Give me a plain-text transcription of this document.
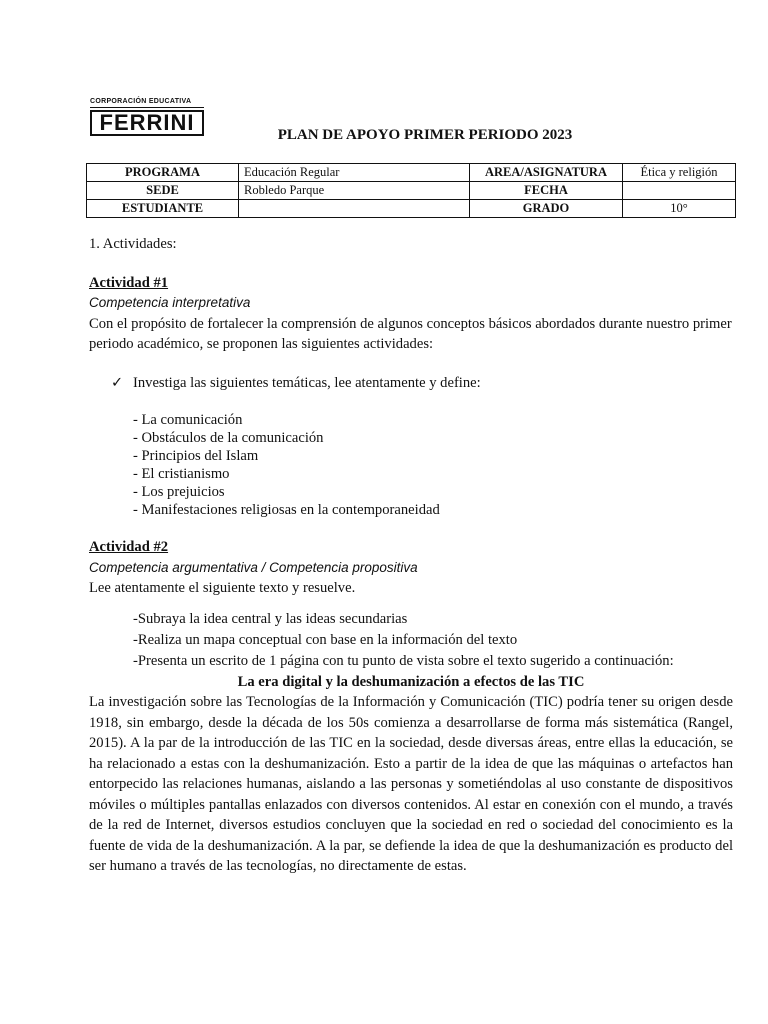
CORPORACIÓN EDUCATIVA
FERRINI	PLAN DE APOYO PRIMER PERIODO 2023
PROGRAMA	Educación Regular	AREA/ASIGNATURA	Ética y religión
SEDE	Robledo Parque	FECHA	
ESTUDIANTE		GRADO	10°

1. Actividades:

Actividad #1

Competencia interpretativa

Con el propósito de fortalecer la comprensión de algunos conceptos básicos abordados durante nuestro primer periodo académico, se proponen las siguientes actividades:

✓ Investiga las siguientes temáticas, lee atentamente y define:
- La comunicación
- Obstáculos de la comunicación
- Principios del Islam
- El cristianismo
- Los prejuicios
- Manifestaciones religiosas en la contemporaneidad

Actividad #2

Competencia argumentativa / Competencia propositiva

Lee atentamente el siguiente texto y resuelve.

-Subraya la idea central y las ideas secundarias
-Realiza un mapa conceptual con base en la información del texto
-Presenta un escrito de 1 página con tu punto de vista sobre el texto sugerido a continuación:

La era digital y la deshumanización a efectos de las TIC

La investigación sobre las Tecnologías de la Información y Comunicación (TIC) podría tener su origen desde 1918, sin embargo, desde la década de los 50s comienza a desarrollarse de forma más sistemática (Rangel, 2015). A la par de la introducción de las TIC en la sociedad, desde diversas áreas, entre ellas la educación, se ha relacionado a estas con la deshumanización. Esto a partir de la idea de que las máquinas o artefactos han entorpecido las relaciones humanas, aislando a las personas y sometiéndolas al uso constante de dispositivos móviles o múltiples pantallas enlazados con diversos contenidos. Al estar en conexión con el mundo, a través de la red de Internet, diversos estudios concluyen que la sociedad en red o sociedad del conocimiento es la fuente de vida de la deshumanización. A la par, se defiende la idea de que la deshumanización es producto del ser humano a través de las tecnologías, no directamente de estas.
